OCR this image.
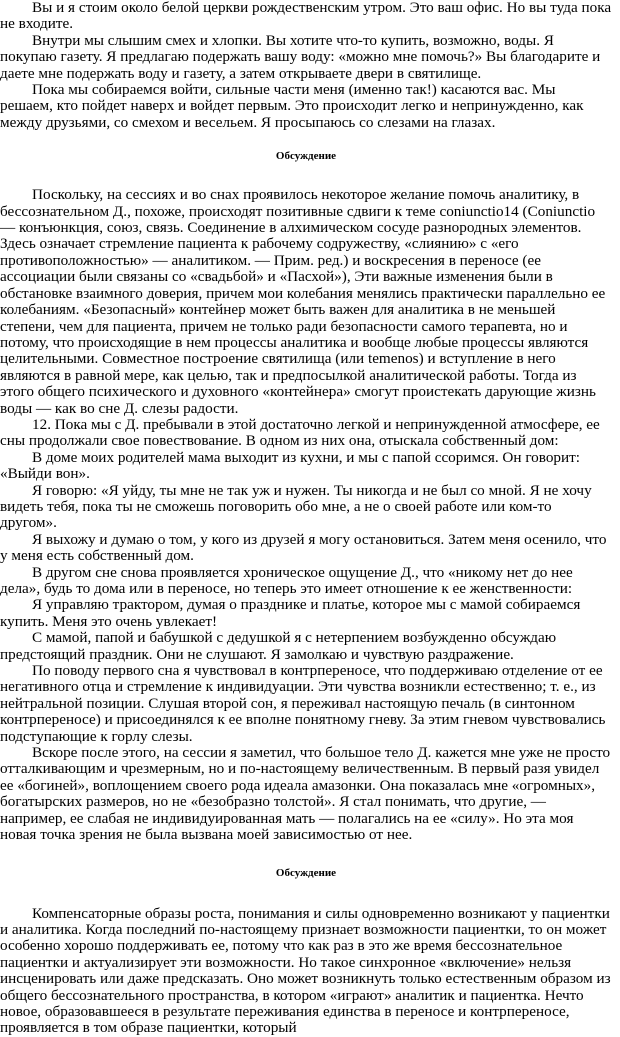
Вы и я стоим около белой церкви рождественским утром. Это ваш офис. Но вы туда пока не входите.

Внутри мы слышим смех и хлопки. Вы хотите что-то купить, возможно, воды. Я покупаю газету. Я предлагаю подержать вашу воду: «можно мне помочь?» Вы благодарите и даете мне подержать воду и газету, а затем открываете двери в святилище.

Пока мы собираемся войти, сильные части меня (именно так!) касаются вас. Мы решаем, кто пойдет наверх и войдет первым. Это происходит легко и непринужденно, как между друзьями, со смехом и весельем. Я просыпаюсь со слезами на глазах.

Обсуждение

Поскольку, на сессиях и во снах проявилось некоторое желание помочь аналитику, в бессознательном Д., похоже, происходят позитивные сдвиги к теме coniunctio14 (Coniunctio — конъюнкция, союз, связь. Соединение в алхимическом сосуде разнородных элементов. Здесь означает стремление пациента к рабочему содружеству, «слиянию» с «его противоположностью» — аналитиком. — Прим. ред.) и воскресения в переносе (ее ассоциации были связаны со «свадьбой» и «Пасхой»), Эти важные изменения были в обстановке взаимного доверия, причем мои колебания менялись практически параллельно ее колебаниям. «Безопасный» контейнер может быть важен для аналитика в не меньшей степени, чем для пациента, причем не только ради безопасности самого терапевта, но и потому, что происходящие в нем процессы аналитика и вообще любые процессы являются целительными. Совместное построение святилища (или temenos) и вступление в него являются в равной мере, как целью, так и предпосылкой аналитической работы. Тогда из этого общего психического и духовного «контейнера» смогут проистекать дарующие жизнь воды — как во сне Д. слезы радости.

12. Пока мы с Д. пребывали в этой достаточно легкой и непринужденной атмосфере, ее сны продолжали свое повествование. В одном из них она, отыскала собственный дом:

В доме моих родителей мама выходит из кухни, и мы с папой ссоримся. Он говорит: «Выйди вон».

Я говорю: «Я уйду, ты мне не так уж и нужен. Ты никогда и не был со мной. Я не хочу видеть тебя, пока ты не сможешь поговорить обо мне, а не о своей работе или ком-то другом».

Я выхожу и думаю о том, у кого из друзей я могу остановиться. Затем меня осенило, что у меня есть собственный дом.

В другом сне снова проявляется хроническое ощущение Д., что «никому нет до нее дела», будь то дома или в переносе, но теперь это имеет отношение к ее женственности:

Я управляю трактором, думая о празднике и платье, которое мы с мамой собираемся купить. Меня это очень увлекает!

С мамой, папой и бабушкой с дедушкой я с нетерпением возбужденно обсуждаю предстоящий праздник. Они не слушают. Я замолкаю и чувствую раздражение.

По поводу первого сна я чувствовал в контрпереносе, что поддерживаю отделение от ее негативного отца и стремление к индивидуации. Эти чувства возникли естественно; т. е., из нейтральной позиции. Слушая второй сон, я переживал настоящую печаль (в синтонном контрпереносе) и присоединялся к ее вполне понятному гневу. За этим гневом чувствовались подступающие к горлу слезы.

Вскоре после этого, на сессии я заметил, что большое тело Д. кажется мне уже не просто отталкивающим и чрезмерным, но и по-настоящему величественным. В первый разя увидел ее «богиней», воплощением своего рода идеала амазонки. Она показалась мне «огромных», богатырских размеров, но не «безобразно толстой». Я стал понимать, что другие, — например, ее слабая не индивидуированная мать — полагались на ее «силу». Но эта моя новая точка зрения не была вызвана моей зависимостью от нее.

Обсуждение

Компенсаторные образы роста, понимания и силы одновременно возникают у пациентки и аналитика. Когда последний по-настоящему признает возможности пациентки, то он может особенно хорошо поддерживать ее, потому что как раз в это же время бессознательное пациентки и актуализирует эти возможности. Но такое синхронное «включение» нельзя инсценировать или даже предсказать. Оно может возникнуть только естественным образом из общего бессознательного пространства, в котором «играют» аналитик и пациентка. Нечто новое, образовавшееся в результате переживания единства в переносе и контрпереносе, проявляется в том образе пациентки, который
